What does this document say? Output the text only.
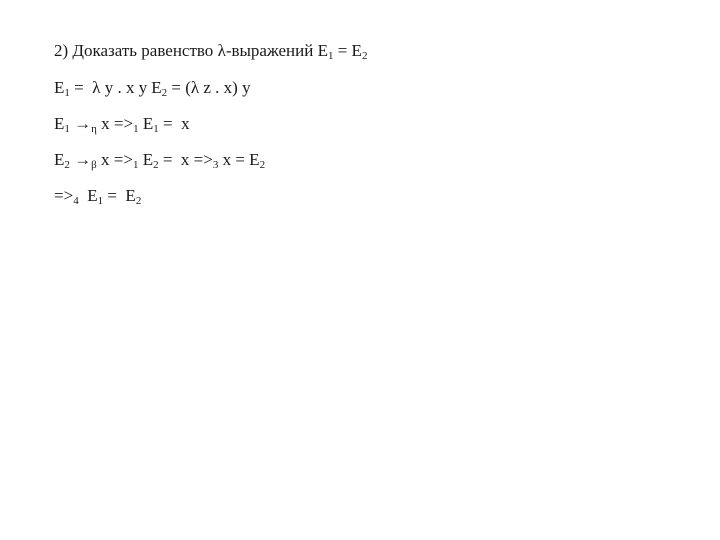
2) Доказать равенство λ-выражений $E_1 = E_2$
$E_1 = \lambda$ y . x y $E_2 = (\lambda$ z . x) y
$E_1 \to_\eta$ $x =>_1$ $E_1 = x$
$E_2 \to_\beta$ $x =>_1$ $E_2 = x =>_3$ $x = E_2$
$=>_4$  $E_1 = E_2$
